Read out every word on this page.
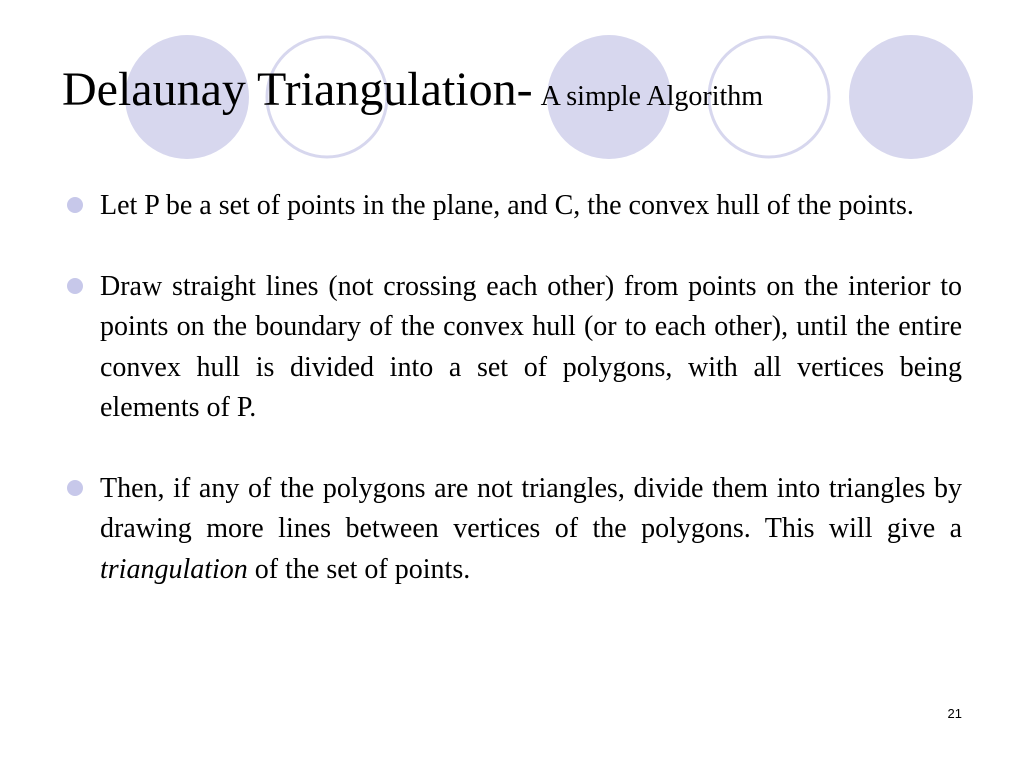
Delaunay Triangulation- A simple Algorithm
Let P be a set of points in the plane, and C, the convex hull of the points.
Draw straight lines (not crossing each other) from points on the interior to points on the boundary of the convex hull (or to each other), until the entire convex hull is divided into a set of polygons, with all vertices being elements of P.
Then, if any of the polygons are not triangles, divide them into triangles by drawing more lines between vertices of the polygons. This will give a triangulation of the set of points.
21
